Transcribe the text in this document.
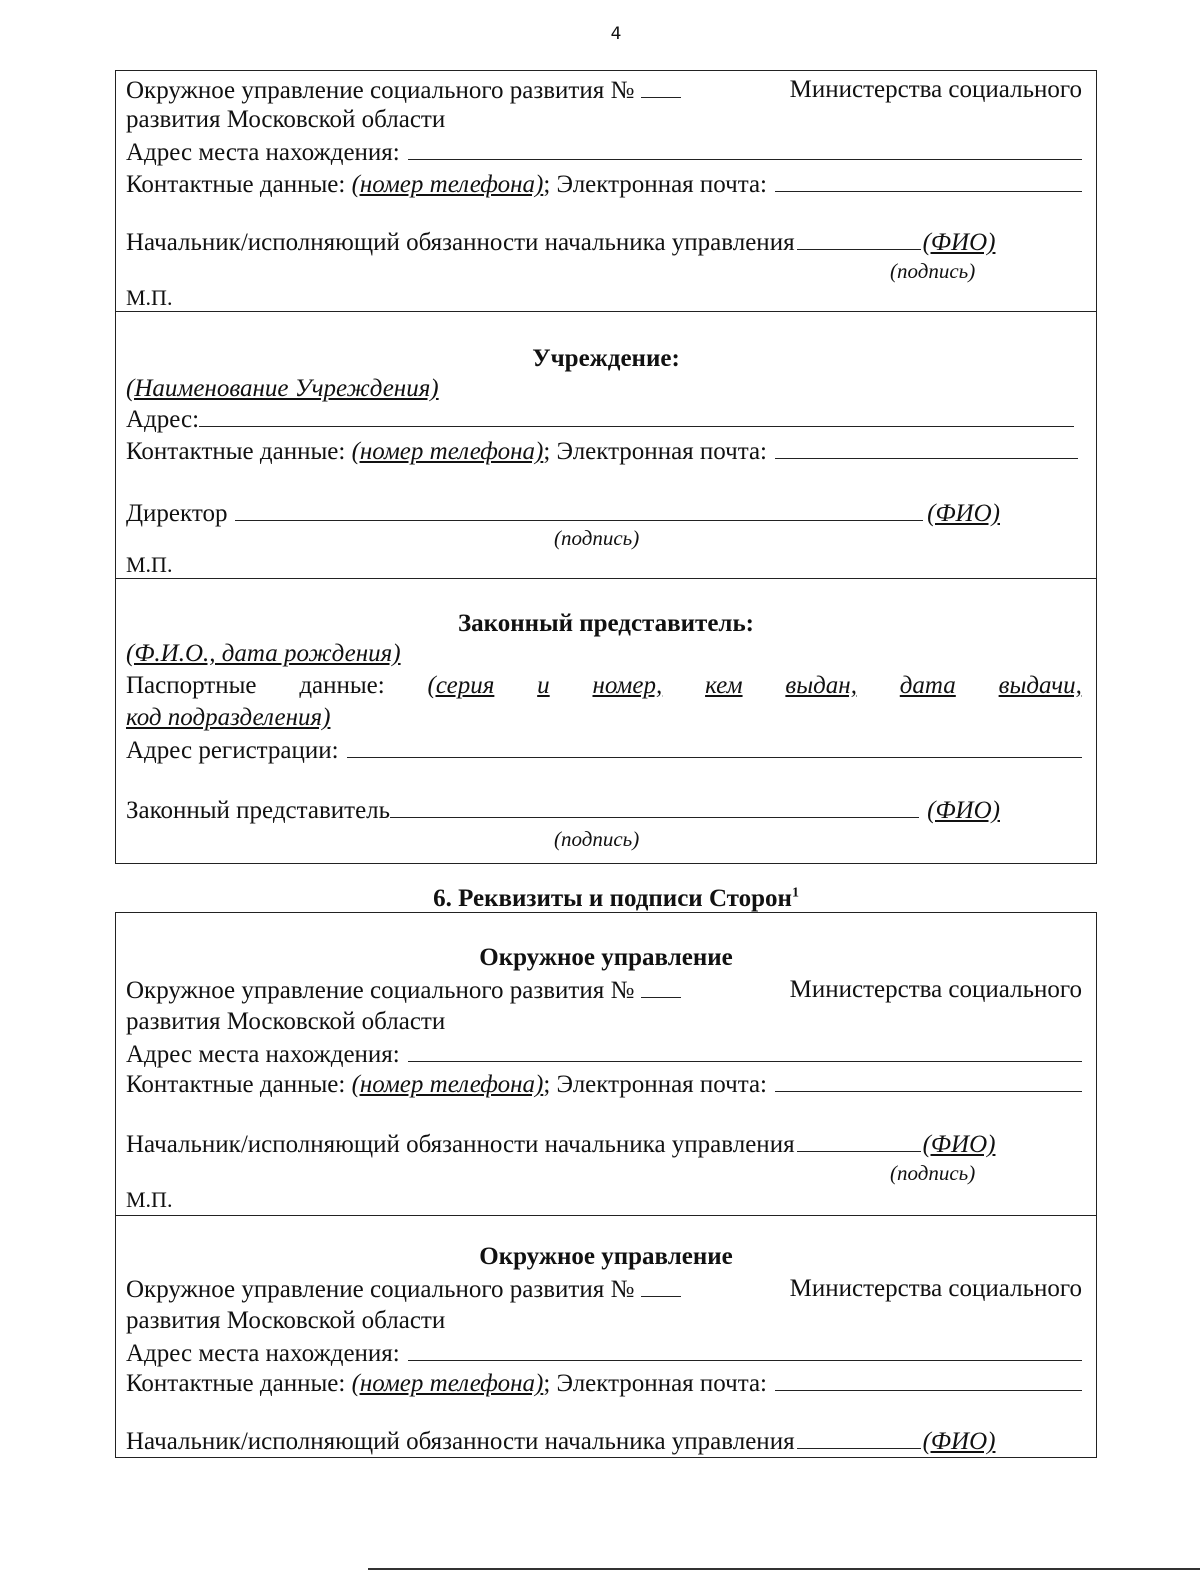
4
Окружное управление социального развития №	Министерства социального
развития Московской области
Адрес места нахождения:
Контактные данные:
(номер телефона) ;
Электронная почта:
Начальник/исполняющий обязанности начальника управления	(ФИО)
(подпись)
М.П.
Учреждение:
(Наименование Учреждения)
Адрес:
Контактные данные:
(номер телефона) ;
Электронная почта:
Директор	(ФИО)
(подпись)
М.П.
Законный представитель:
(Ф.И.О., дата рождения)
Паспортные данные: (серия и номер, кем выдан, дата выдачи,
код подразделения)
Адрес регистрации:
Законный представитель	(ФИО)
(подпись)
6. Реквизиты и подписи Сторон$^1$
Окружное управление
Окружное управление социального развития №	Министерства социального
развития Московской области
Адрес места нахождения:
Контактные данные:
(номер телефона) ;
Электронная почта:
Начальник/исполняющий обязанности начальника управления	(ФИО)
(подпись)
М.П.
Окружное управление
Окружное управление социального развития №	Министерства социального
развития Московской области
Адрес места нахождения:
Контактные данные:
(номер телефона) ;
Электронная почта:
Начальник/исполняющий обязанности начальника управления	(ФИО)
